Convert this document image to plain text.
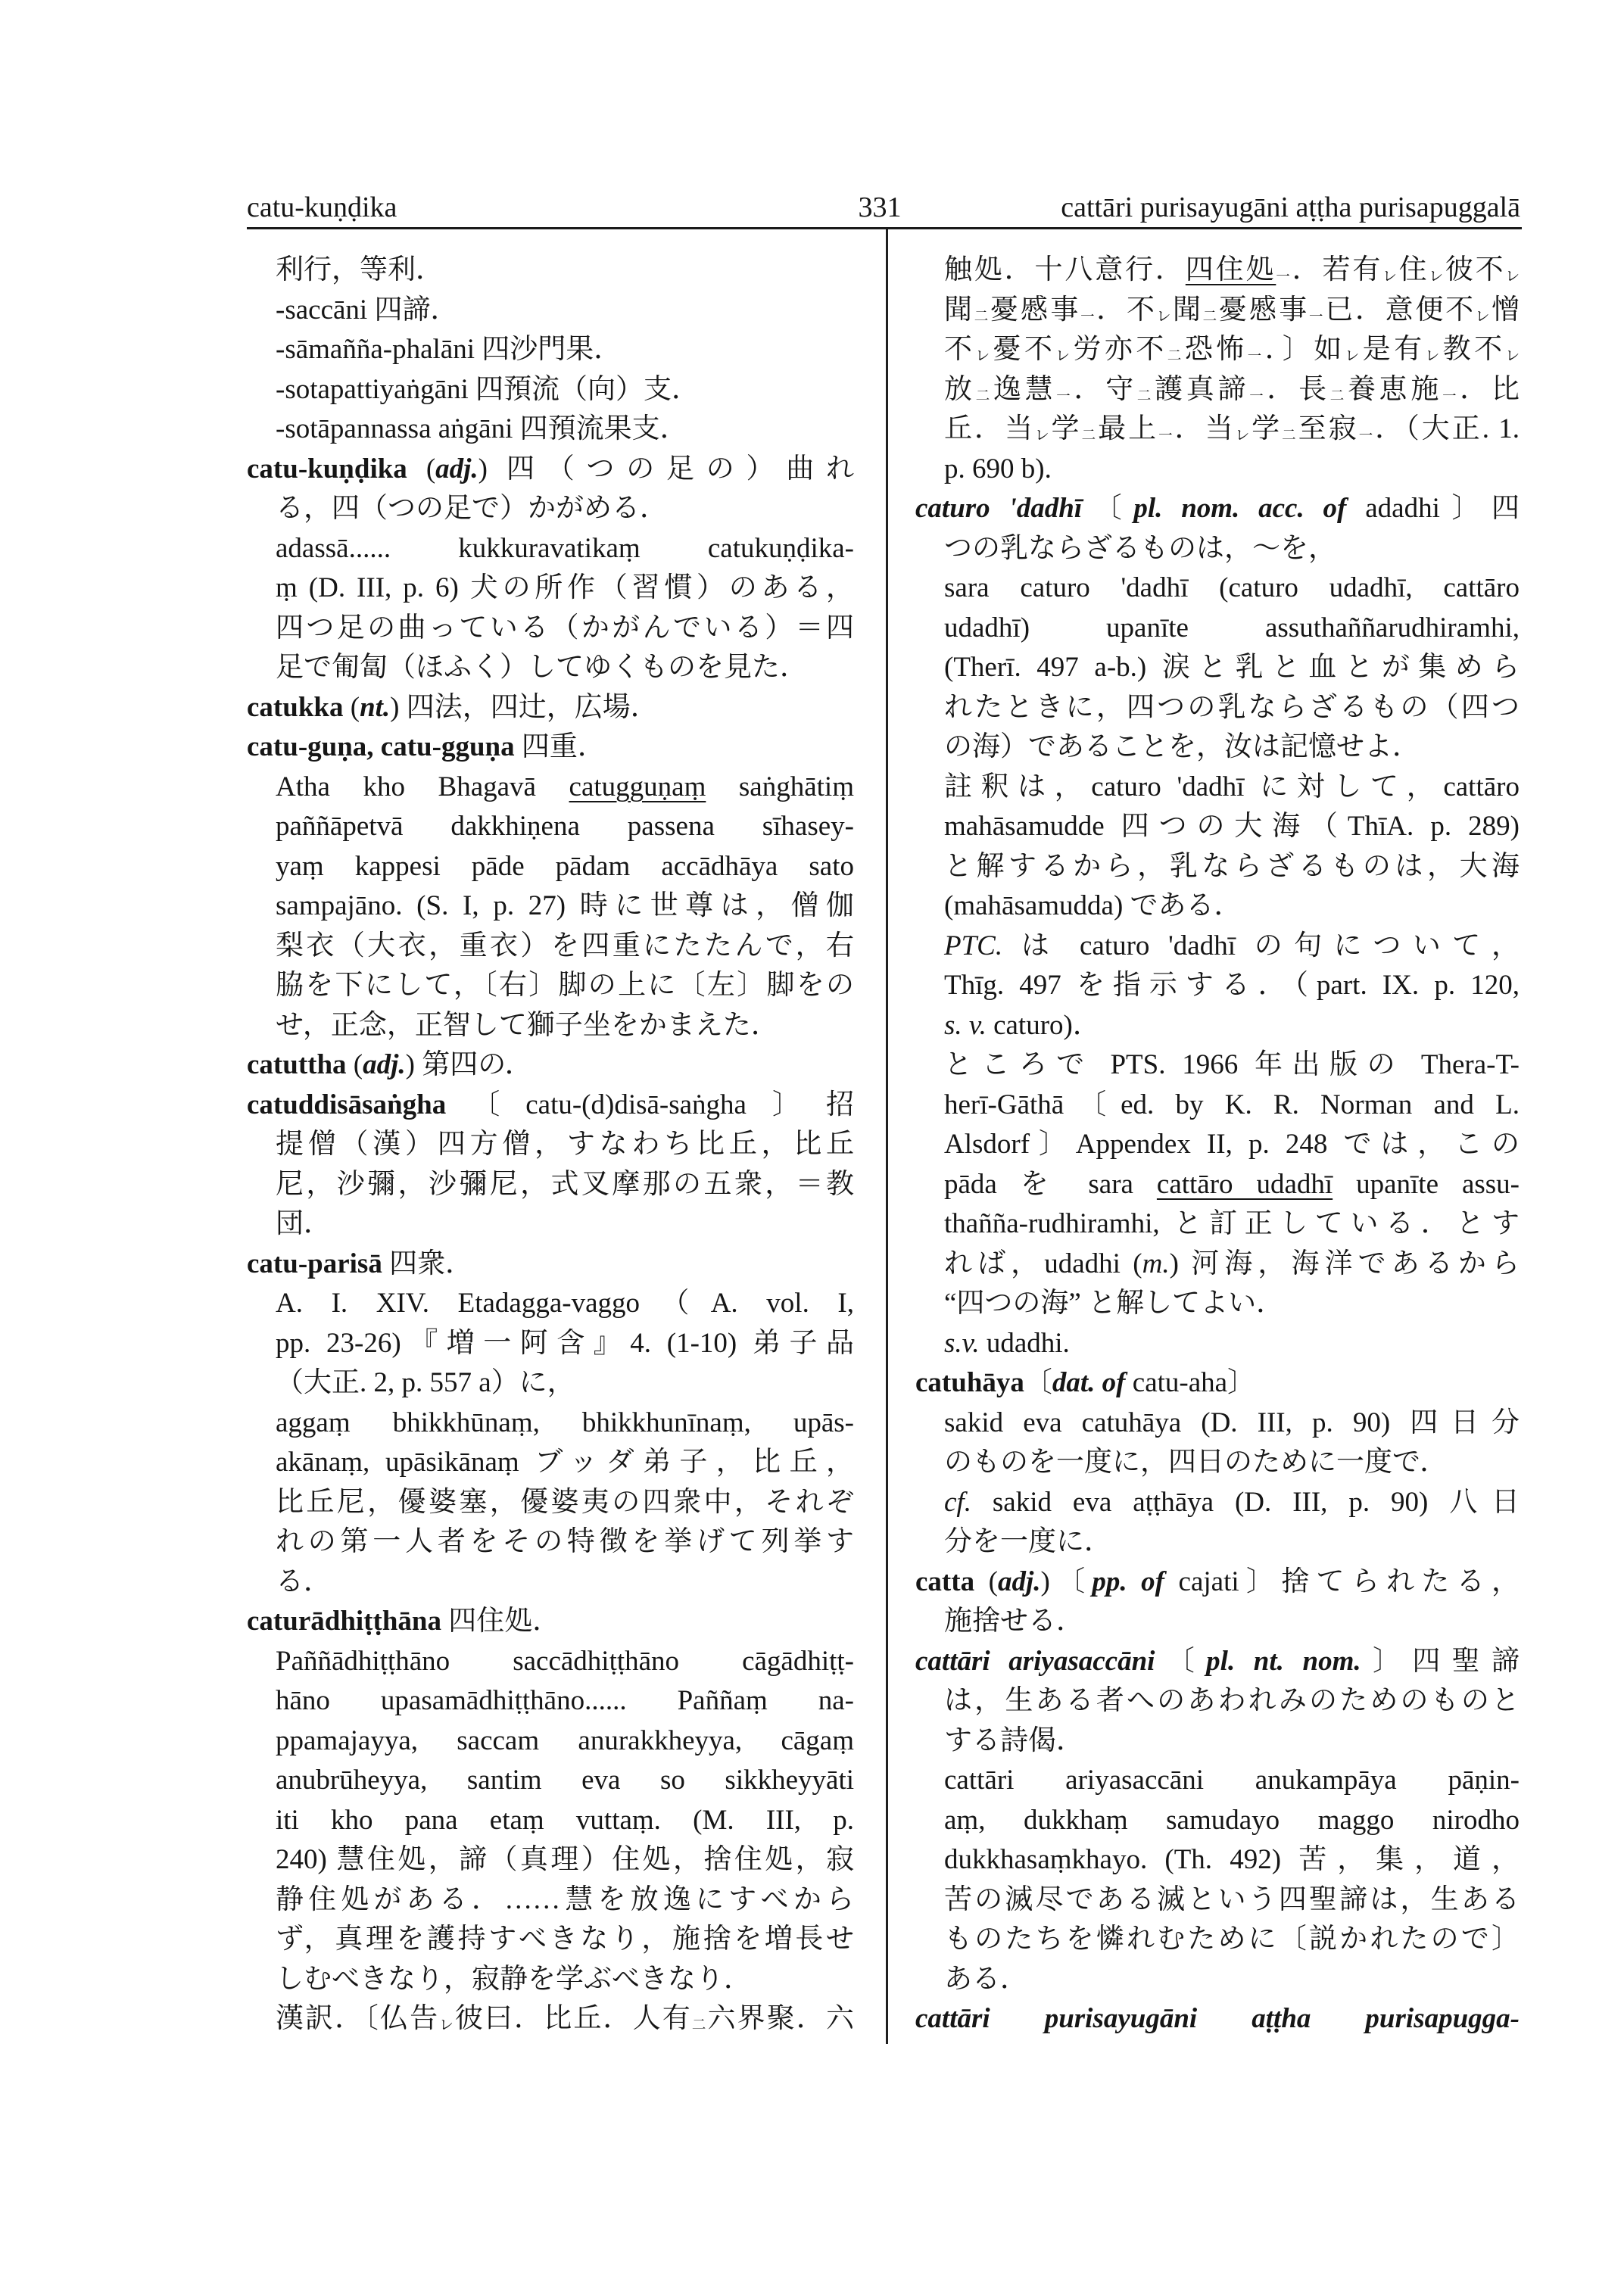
catu-kuṇḍika	331	cattāri purisayugāni aṭṭha purisapuggalā
利行，等利．
-saccāni 四諦．
-sāmañña-phalāni 四沙門果．
-sotapattiyaṅgāni 四預流（向）支．
-sotāpannassa aṅgāni 四預流果支．
catu-kuṇḍika (adj.) 四（つの足の）曲れ
る，四（つの足で）かがめる．
adassā...... kukkuravatikaṃ catukuṇḍika-
ṃ (D. III, p. 6) 犬の所作（習慣）のある，
四つ足の曲っている（かがんでいる）＝四
足で匍匐（ほふく）してゆくものを見た．
catukka (nt.) 四法，四辻，広場．
catu-guṇa, catu-gguṇa 四重．
Atha kho Bhagavā catugguṇaṃ saṅghātiṃ
paññāpetvā dakkhiṇena passena sīhasey-
yaṃ kappesi pāde pādam accādhāya sato
sampajāno. (S. I, p. 27) 時に世尊は，僧伽
梨衣（大衣，重衣）を四重にたたんで，右
脇を下にして，〔右〕脚の上に〔左〕脚をの
せ，正念，正智して獅子坐をかまえた．
catuttha (adj.) 第四の．
catuddisāsaṅgha〔catu-(d)disā-saṅgha〕招
提僧（漢）四方僧，すなわち比丘，比丘
尼，沙彌，沙彌尼，式叉摩那の五衆，＝教
団．
catu-parisā 四衆．
A. I. XIV. Etadagga-vaggo（A. vol. I,
pp. 23-26)『増一阿含』4. (1-10) 弟子品
（大正. 2, p. 557 a）に，
aggaṃ bhikkhūnaṃ, bhikkhunīnaṃ, upās-
akānaṃ, upāsikānaṃ ブッダ弟子，比丘，
比丘尼，優婆塞，優婆夷の四衆中，それぞ
れの第一人者をその特徴を挙げて列挙す
る．
caturādhiṭṭhāna 四住処．
Paññādhiṭṭhāno saccādhiṭṭhāno cāgādhiṭṭ-
hāno upasamādhiṭṭhāno...... Paññaṃ na-
ppamajayya, saccam anurakkheyya, cāgaṃ
anubrūheyya, santim eva so sikkheyyāti
iti kho pana etaṃ vuttaṃ. (M. III, p.
240) 慧住処，諦（真理）住処，捨住処，寂
静住処がある．……慧を放逸にすべから
ず，真理を護持すべきなり，施捨を増長せ
しむべきなり，寂静を学ぶべきなり．
漢訳．〔仏告㆑彼曰．比丘．人有㆓六界聚．六
触処．十八意行．四住処㆒．若有㆑住㆑彼不㆑
聞㆓憂慼事㆒．不㆑聞㆓憂慼事㆒已．意便不㆑憎
不㆑憂不㆑労亦不㆓恐怖㆒．〕如㆑是有㆑教不㆑
放㆓逸慧㆒．守㆓護真諦㆒．長㆓養恵施㆒．比
丘．当㆑学㆓最上㆒．当㆑学㆓至寂㆒．（大正. 1.
p. 690 b).
caturo 'dadhī〔pl. nom. acc. of adadhi〕四
つの乳ならざるものは，～を，
sara caturo 'dadhī (caturo udadhī, cattāro
udadhī) upanīte assuthaññarudhiramhi,
(Therī. 497 a-b.) 涙と乳と血とが集めら
れたときに，四つの乳ならざるもの（四つ
の海）であることを，汝は記憶せよ．
註釈は，caturo 'dadhī に対して，cattāro
mahāsamudde 四つの大海（ThīA. p. 289)
と解するから，乳ならざるものは，大海
(mahāsamudda) である．
PTC. は caturo 'dadhī の句について，
Thīg. 497 を指示する．（part. IX. p. 120,
s. v. caturo)．
ところで PTS. 1966 年出版の Thera-T-
herī-Gāthā〔ed. by K. R. Norman and L.
Alsdorf〕Appendex II, p. 248 では，この
pāda を sara cattāro udadhī upanīte assu-
thañña-rudhiramhi, と訂正している．とす
れば，udadhi (m.) 河海，海洋であるから
“四つの海” と解してよい．
s.v. udadhi.
catuhāya〔dat. of catu-aha〕
sakid eva catuhāya (D. III, p. 90) 四日分
のものを一度に，四日のために一度で．
cf. sakid eva aṭṭhāya (D. III, p. 90) 八日
分を一度に．
catta (adj.)〔pp. of cajati〕捨てられたる，
施捨せる．
cattāri ariyasaccāni〔pl. nt. nom.〕四聖諦
は，生ある者へのあわれみのためのものと
する詩偈．
cattāri ariyasaccāni anukampāya pāṇin-
aṃ, dukkhaṃ samudayo maggo nirodho
dukkhasaṃkhayo. (Th. 492) 苦，集，道，
苦の滅尽である滅という四聖諦は，生ある
ものたちを憐れむために〔説かれたので〕
ある．
cattāri purisayugāni aṭṭha purisapugga-
